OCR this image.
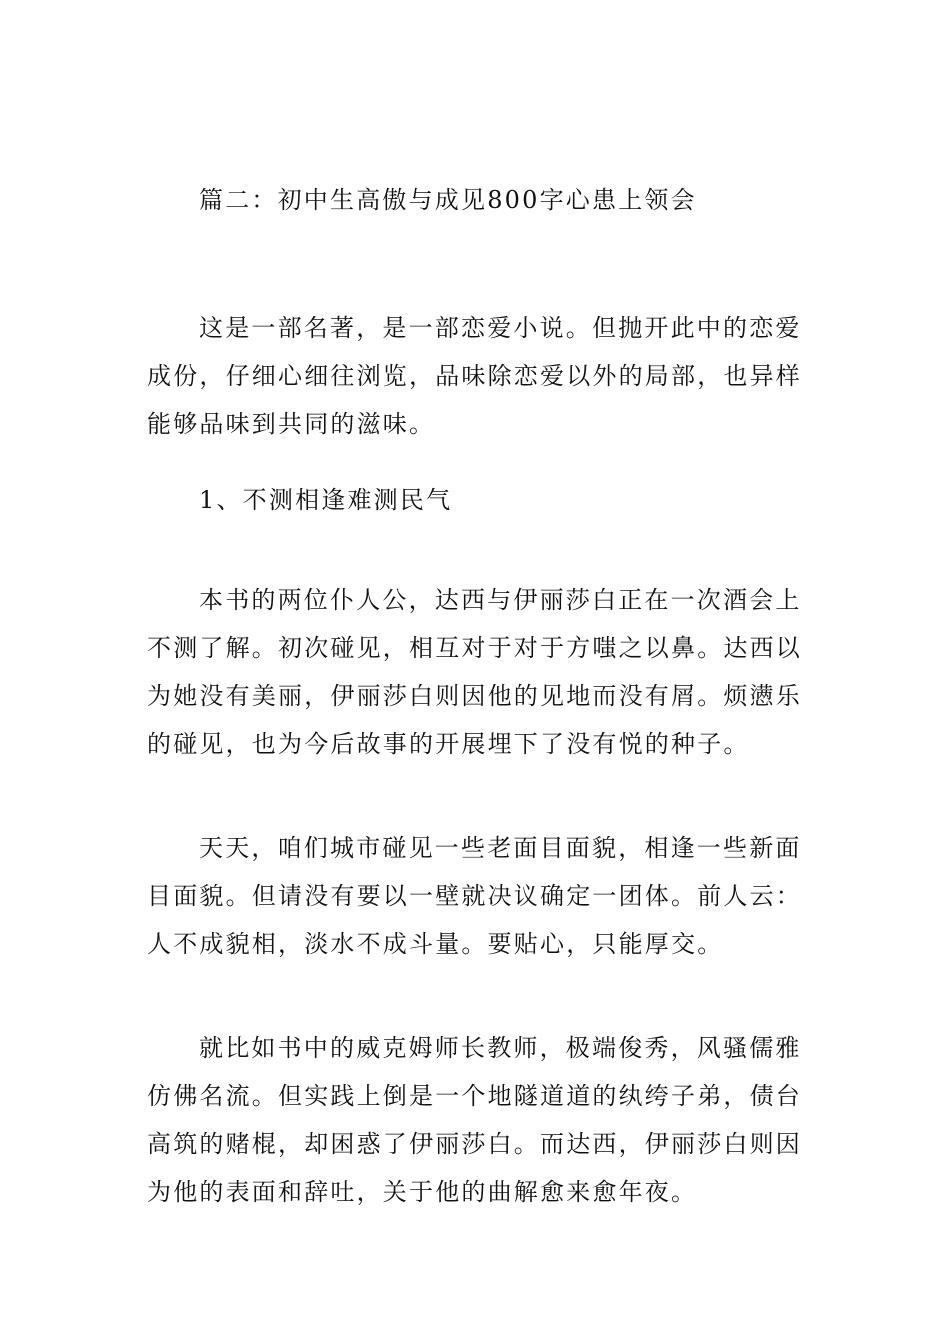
篇二：初中生高傲与成见800字心患上领会

这是一部名著，是一部恋爱小说。但抛开此中的恋爱
成份，仔细心细往浏览，品味除恋爱以外的局部，也异样
能够品味到共同的滋味。

1、不测相逢难测民气

本书的两位仆人公，达西与伊丽莎白正在一次酒会上
不测了解。初次碰见，相互对于对于方嗤之以鼻。达西以
为她没有美丽，伊丽莎白则因他的见地而没有屑。烦懑乐
的碰见，也为今后故事的开展埋下了没有悦的种子。

天天，咱们城市碰见一些老面目面貌，相逢一些新面
目面貌。但请没有要以一壁就决议确定一团体。前人云：
人不成貌相，淡水不成斗量。要贴心，只能厚交。

就比如书中的威克姆师长教师，极端俊秀，风骚儒雅
仿佛名流。但实践上倒是一个地隧道道的纨绔子弟，债台
高筑的赌棍，却困惑了伊丽莎白。而达西，伊丽莎白则因
为他的表面和辞吐，关于他的曲解愈来愈年夜。
